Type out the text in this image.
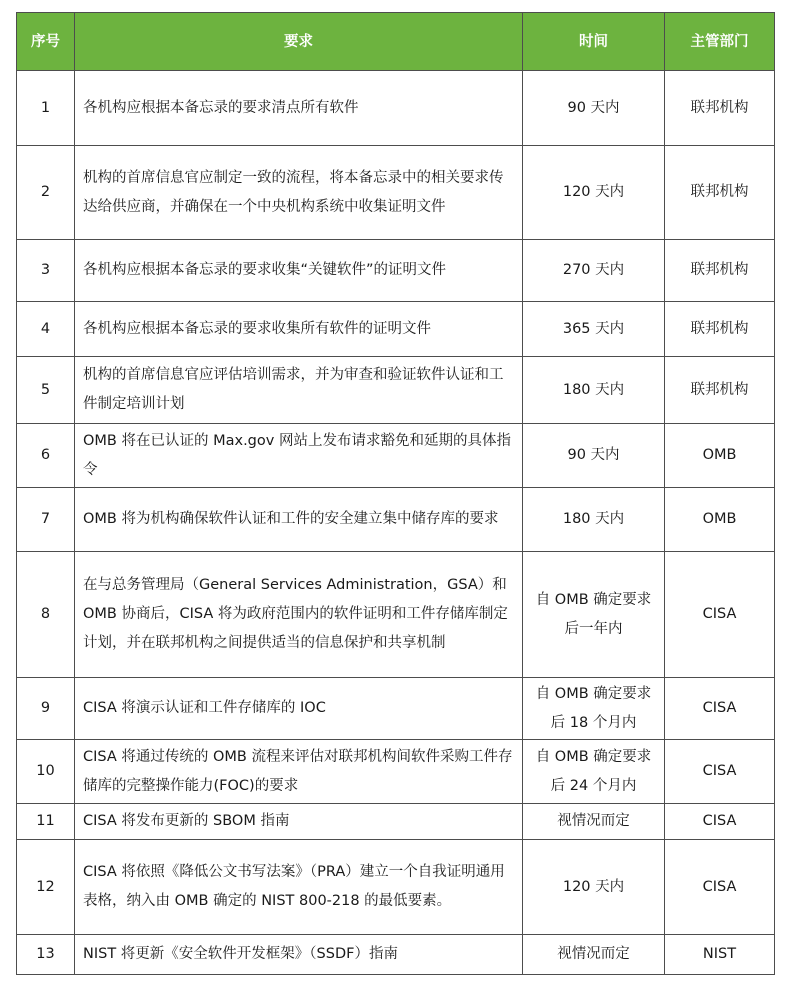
序号	要求	时间	主管部门
1	各机构应根据本备忘录的要求清点所有软件	90 天内	联邦机构
2	机构的首席信息官应制定一致的流程，将本备忘录中的相关要求传达给供应商，并确保在一个中央机构系统中收集证明文件	120 天内	联邦机构
3	各机构应根据本备忘录的要求收集“关键软件”的证明文件	270 天内	联邦机构
4	各机构应根据本备忘录的要求收集所有软件的证明文件	365 天内	联邦机构
5	机构的首席信息官应评估培训需求，并为审查和验证软件认证和工件制定培训计划	180 天内	联邦机构
6	OMB 将在已认证的 Max.gov 网站上发布请求豁免和延期的具体指令	90 天内	OMB
7	OMB 将为机构确保软件认证和工件的安全建立集中储存库的要求	180 天内	OMB
8	在与总务管理局（General Services Administration，GSA）和 OMB 协商后，CISA 将为政府范围内的软件证明和工件存储库制定计划，并在联邦机构之间提供适当的信息保护和共享机制	自 OMB 确定要求后一年内	CISA
9	CISA 将演示认证和工件存储库的 IOC	自 OMB 确定要求后 18 个月内	CISA
10	CISA 将通过传统的 OMB 流程来评估对联邦机构间软件采购工件存储库的完整操作能力(FOC)的要求	自 OMB 确定要求后 24 个月内	CISA
11	CISA 将发布更新的 SBOM 指南	视情况而定	CISA
12	CISA 将依照《降低公文书写法案》（PRA）建立一个自我证明通用表格，纳入由 OMB 确定的 NIST 800-218 的最低要素。	120 天内	CISA
13	NIST 将更新《安全软件开发框架》（SSDF）指南	视情况而定	NIST
